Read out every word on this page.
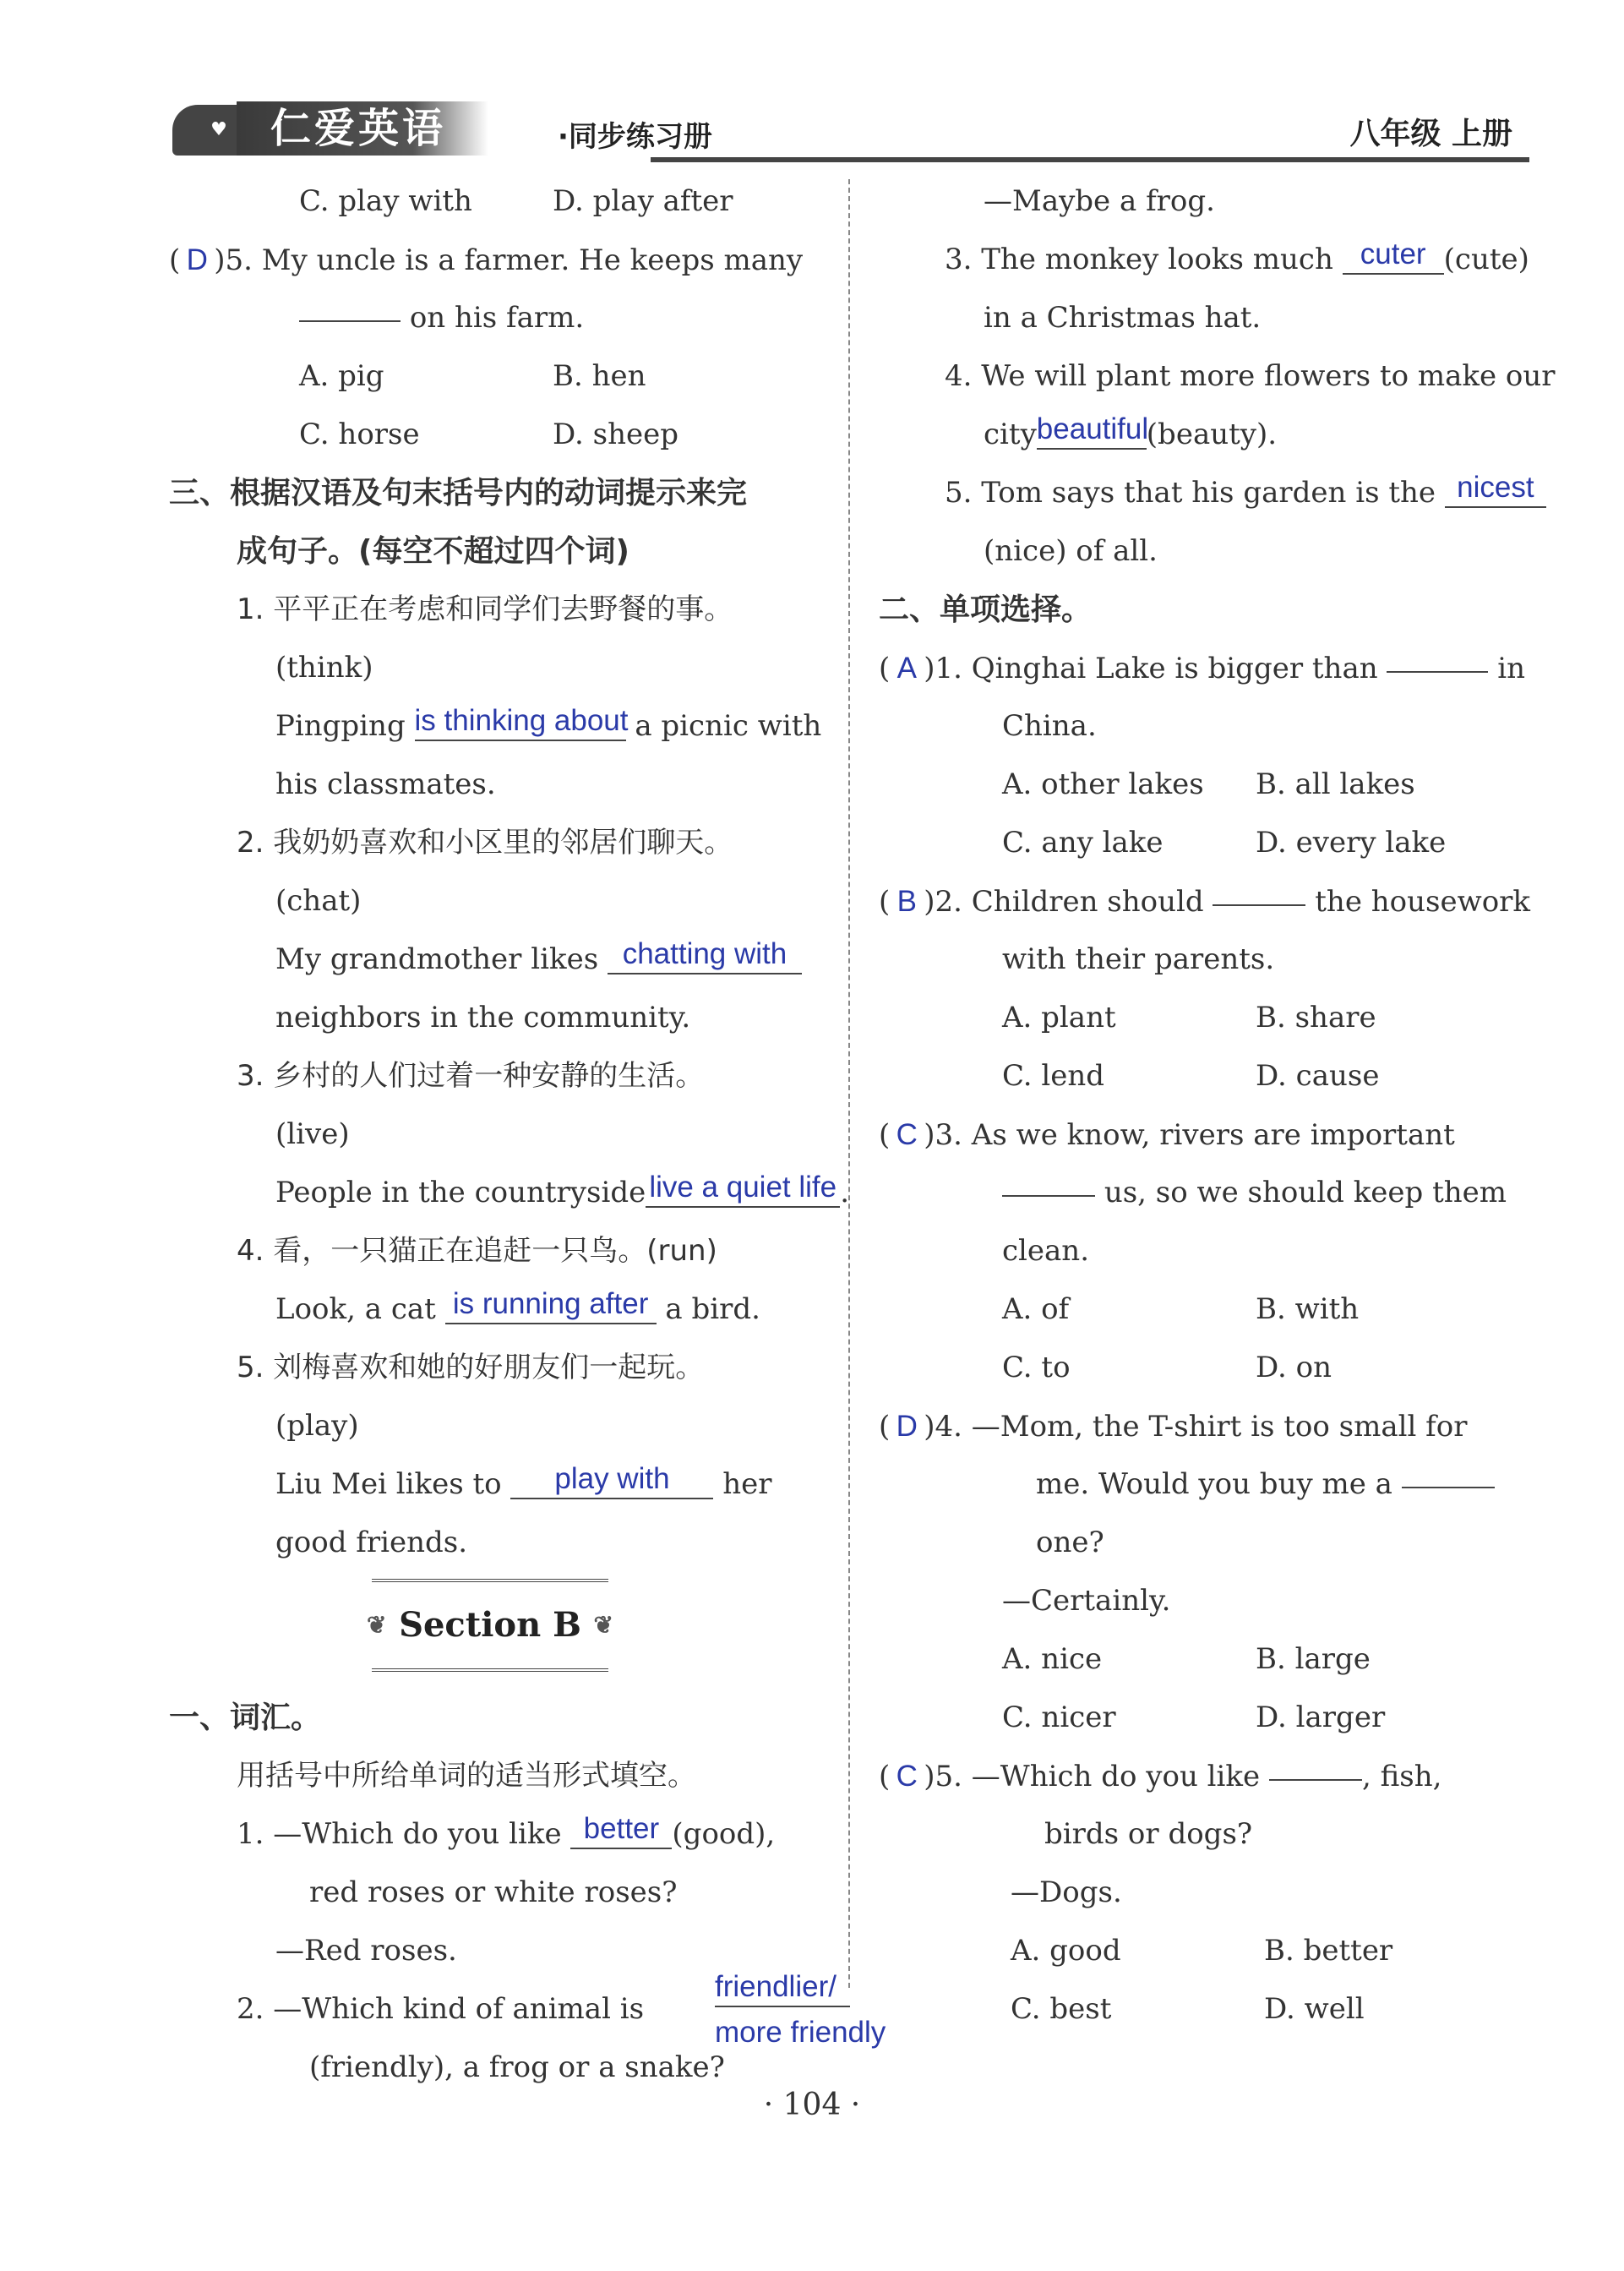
♥	仁爱英语	·同步练习册	八年级 上册
C. play with	D. play after
( D )5. My uncle is a farmer. He keeps many
on his farm.
A. pig	B. hen
C. horse	D. sheep
三、根据汉语及句末括号内的动词提示来完
成句子。(每空不超过四个词)
1. 平平正在考虑和同学们去野餐的事。
(think)
Pingping is thinking about a picnic with
his classmates.
2. 我奶奶喜欢和小区里的邻居们聊天。
(chat)
My grandmother likes chatting with
neighbors in the community.
3. 乡村的人们过着一种安静的生活。
(live)
People in the countryside live a quiet life .
4. 看，一只猫正在追赶一只鸟。(run)
Look, a cat is running after a bird.
5. 刘梅喜欢和她的好朋友们一起玩。
(play)
Liu Mei likes to play with her
good friends.
一、词汇。
用括号中所给单词的适当形式填空。
1. —Which do you like better (good),
red roses or white roses?
—Red roses.
2. —Which kind of animal is
friendlier/
more friendly
(friendly), a frog or a snake?
❦ Section B ❦
—Maybe a frog.
3. The monkey looks much cuter (cute)
in a Christmas hat.
4. We will plant more flowers to make our
citybeautiful(beauty).
5. Tom says that his garden is the nicest
(nice) of all.
二、单项选择。
( A )1. Qinghai Lake is bigger than	in
China.
A. other lakes B. all lakes
C. any lake	D. every lake
( B )2. Children should	the housework
with their parents.
A. plant	B. share
C. lend	D. cause
( C )3. As we know, rivers are important
us, so we should keep them
clean.
A. of	B. with
C. to	D. on
( D )4. —Mom, the T-shirt is too small for
me. Would you buy me a
one?
—Certainly.
A. nice	B. large
C. nicer	D. larger
( C )5. —Which do you like	, fish,
birds or dogs?
—Dogs.
A. good	B. better
C. best	D. well
· 104 ·
